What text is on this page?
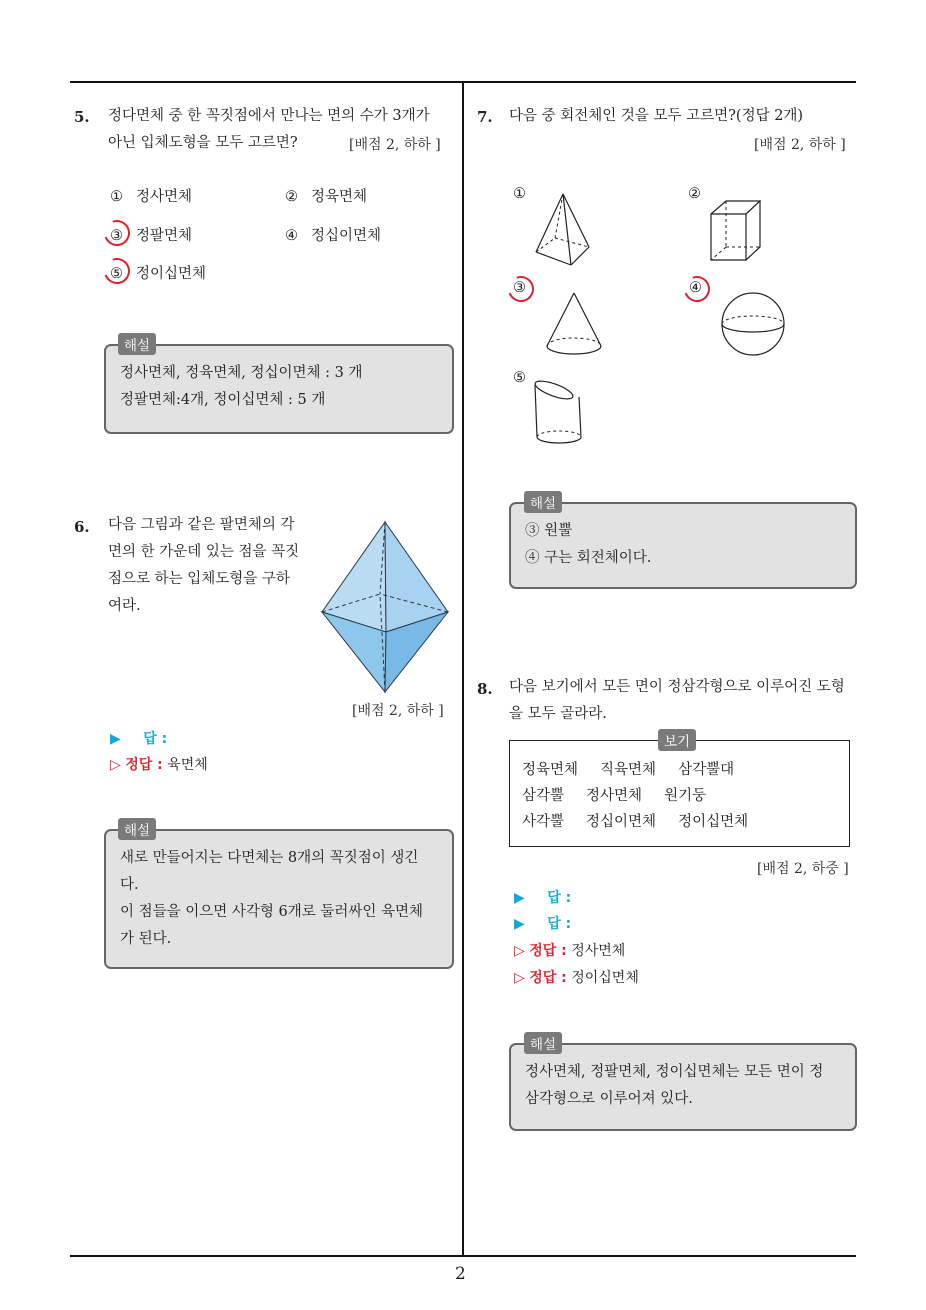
2
5. 정다면체 중 한 꼭짓점에서 만나는 면의 수가 3개가
아닌 입체도형을 모두 고르면?	[배점 2, 하하 ]
① 정사면체	② 정육면체
③ 정팔면체	④ 정십이면체
⑤ 정이십면체
정사면체, 정육면체, 정십이면체 : 3 개
정팔면체:4개, 정이십면체 : 5 개
해설
6. 다음 그림과 같은 팔면체의 각
면의 한 가운데 있는 점을 꼭짓
점으로 하는 입체도형을 구하
여라.
[배점 2, 하하 ]
▶ 답 :
▷ 정답 : 육면체
새로 만들어지는 다면체는 8개의 꼭짓점이 생긴
다.
이 점들을 이으면 사각형 6개로 둘러싸인 육면체
가 된다.
해설
7. 다음 중 회전체인 것을 모두 고르면?(정답 2개)
[배점 2, 하하 ]
①	②
③	④
⑤
③ 원뿔
④ 구는 회전체이다.
해설
8. 다음 보기에서 모든 면이 정삼각형으로 이루어진 도형
을 모두 골라라.
보기
정육면체 직육면체 삼각뿔대
삼각뿔 정사면체 원기둥
사각뿔 정십이면체 정이십면체
[배점 2, 하중 ]
▶ 답 :
▶ 답 :
▷ 정답 : 정사면체
▷ 정답 : 정이십면체
정사면체, 정팔면체, 정이십면체는 모든 면이 정
삼각형으로 이루어져 있다.
해설
